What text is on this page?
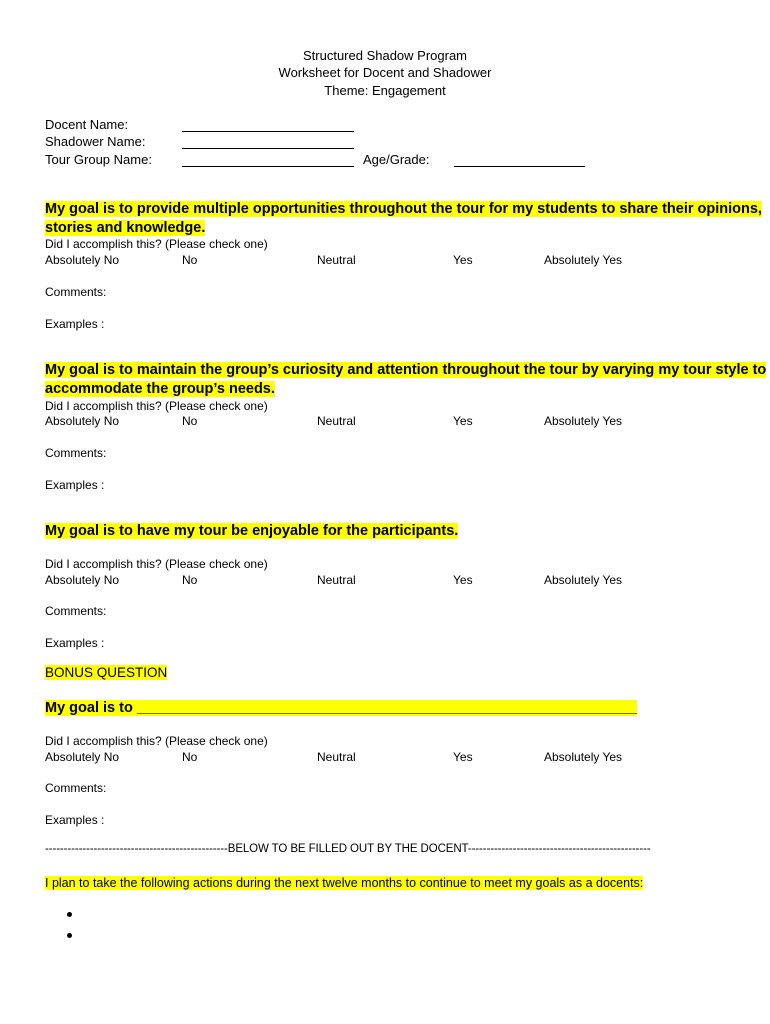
Structured Shadow Program
Worksheet for Docent and Shadower
Theme: Engagement
Docent Name:
Shadower Name:
Tour Group Name:	Age/Grade:
My goal is to provide multiple opportunities throughout the tour for my students to share their opinions,
stories and knowledge.
Did I accomplish this? (Please check one)
Absolutely No	No	Neutral	Yes	Absolutely Yes
Comments:
Examples :
My goal is to maintain the group’s curiosity and attention throughout the tour by varying my tour style to
accommodate the group’s needs.
Did I accomplish this? (Please check one)
Absolutely No	No	Neutral	Yes	Absolutely Yes
Comments:
Examples :
My goal is to have my tour be enjoyable for the participants.
Did I accomplish this? (Please check one)
Absolutely No	No	Neutral	Yes	Absolutely Yes
Comments:
Examples :
BONUS QUESTION
My goal is to ______________________________________________________________
Did I accomplish this? (Please check one)
Absolutely No	No	Neutral	Yes	Absolutely Yes
Comments:
Examples :
-------------------------------------------------BELOW TO BE FILLED OUT BY THE DOCENT-------------------------------------------------
I plan to take the following actions during the next twelve months to continue to meet my goals as a docents:
